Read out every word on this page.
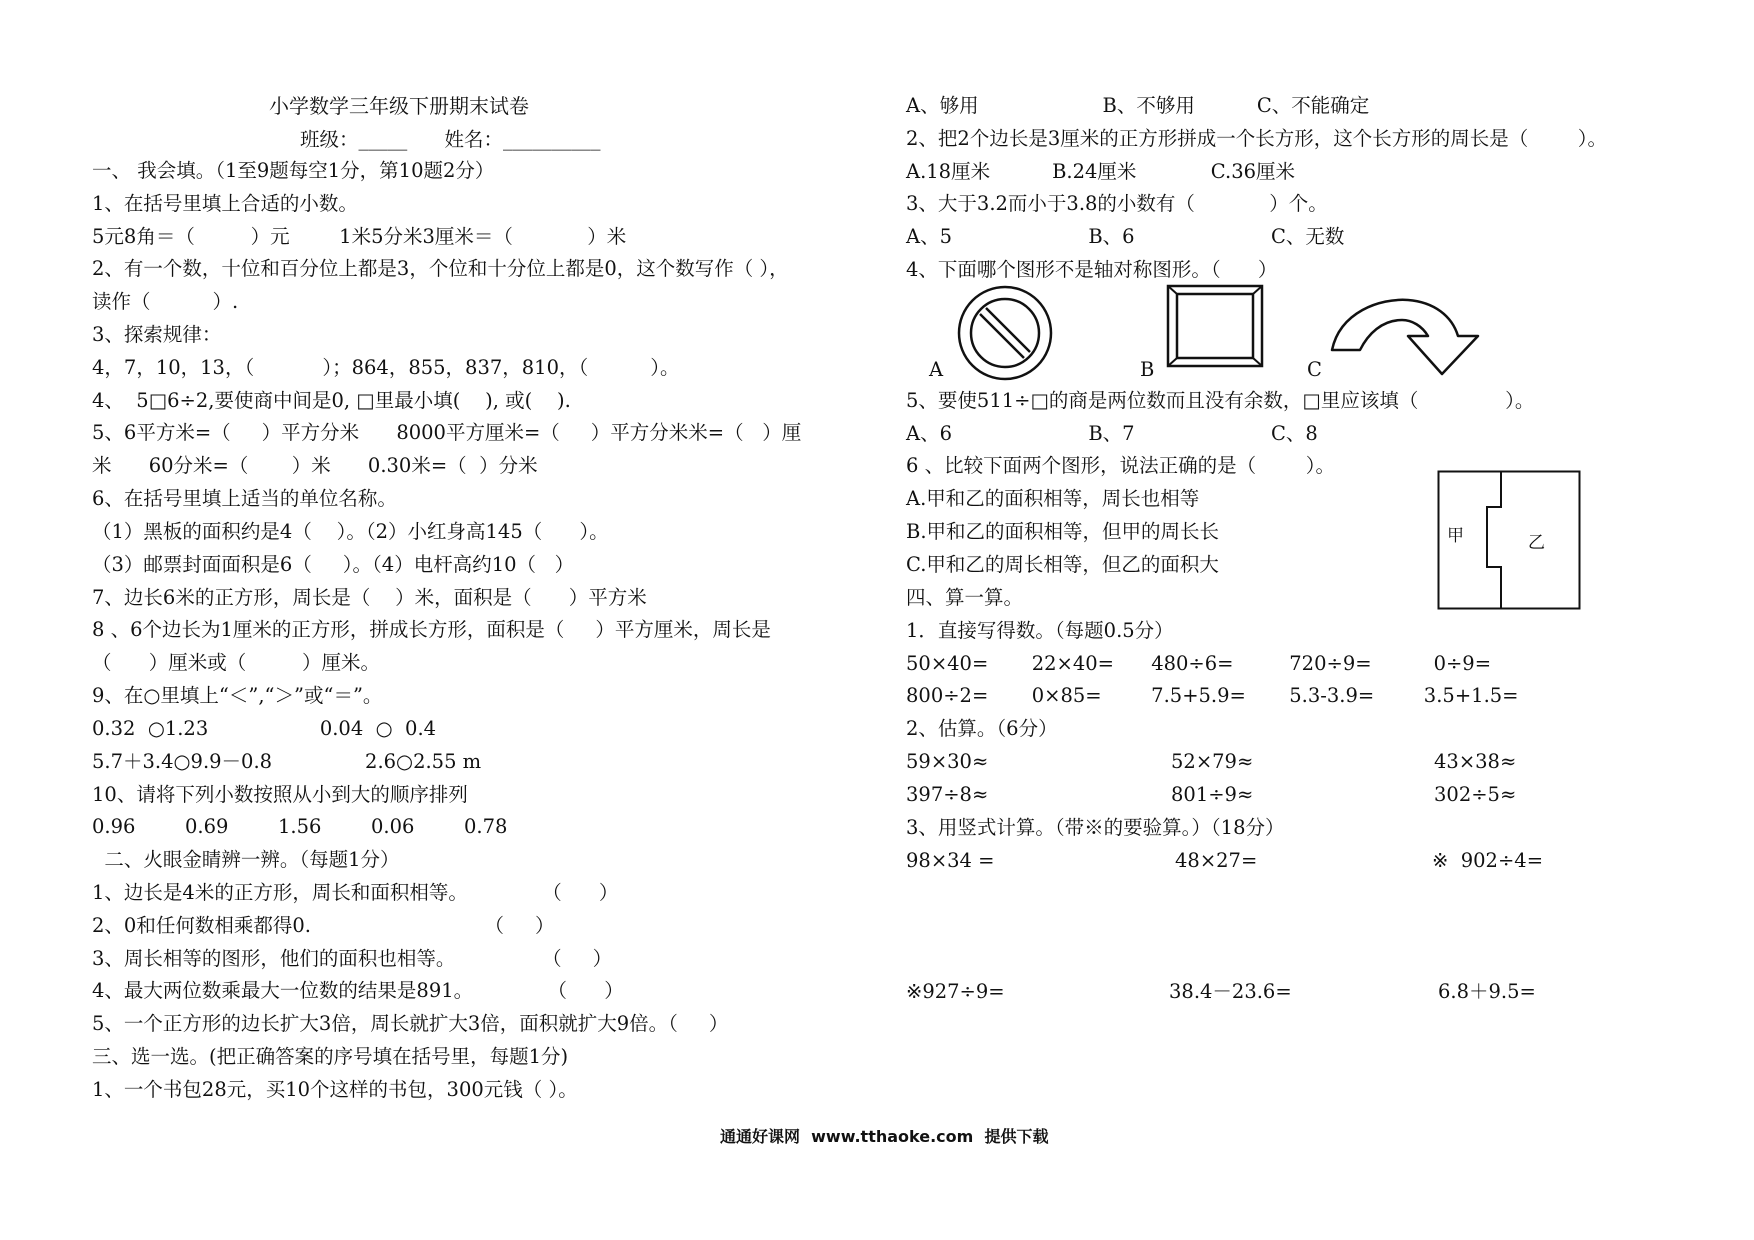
小学数学三年级下册期末试卷
班级：_____      姓名：__________
一、 我会填。（1至9题每空1分，第10题2分）
1、在括号里填上合适的小数。
5元8角＝（         ）元        1米5分米3厘米＝（            ）米
2、有一个数，十位和百分位上都是3，个位和十分位上都是0，这个数写作（ ），
读作（          ）.
3、探索规律：
4，7，10，13，（           ）；864，855，837，810，（          ）。
4、  5□6÷2,要使商中间是0, □里最小填(    ), 或(    ).
5、6平方米=（     ）平方分米      8000平方厘米=（     ）平方分米米=（   ）厘
米      60分米=（       ）米      0.30米=（  ）分米
6、在括号里填上适当的单位名称。
（1）黑板的面积约是4（    ）。（2）小红身高145（      ）。
（3）邮票封面面积是6（     ）。（4）电杆高约10（   ）
7、边长6米的正方形，周长是（    ）米，面积是（      ）平方米
8 、6个边长为1厘米的正方形，拼成长方形，面积是（     ）平方厘米，周长是
（      ）厘米或（         ）厘米。
9、在○里填上“＜”,“＞”或“＝”。
0.32  ○1.23                  0.04  ○  0.4
5.7＋3.4○9.9－0.8               2.6○2.55 m
10、请将下列小数按照从小到大的顺序排列
0.96        0.69        1.56        0.06        0.78
二、火眼金睛辨一辨。（每题1分）
1、边长是4米的正方形，周长和面积相等。            （      ）
2、0和任何数相乘都得0.                            （     ）
3、周长相等的图形，他们的面积也相等。              （     ）
4、最大两位数乘最大一位数的结果是891。            （      ）
5、一个正方形的边长扩大3倍，周长就扩大3倍，面积就扩大9倍。（     ）
三、选一选。(把正确答案的序号填在括号里，每题1分)
1、一个书包28元，买10个这样的书包，300元钱（ ）。
A、够用                    B、不够用          C、不能确定
2、把2个边长是3厘米的正方形拼成一个长方形，这个长方形的周长是（        ）。
A.18厘米          B.24厘米            C.36厘米
3、大于3.2而小于3.8的小数有（            ）个。
A、5                      B、6                      C、无数
4、下面哪个图形不是轴对称图形。（      ）
A	B	C
5、要使511÷□的商是两位数而且没有余数，□里应该填（              ）。
A、6                      B、7                      C、8
6 、比较下面两个图形，说法正确的是（        ）。
A.甲和乙的面积相等，周长也相等
B.甲和乙的面积相等，但甲的周长长
C.甲和乙的周长相等，但乙的面积大
甲	乙
四、算一算。
1．直接写得数。（每题0.5分）
50×40=       22×40=      480÷6=         720÷9=          0÷9=
800÷2=       0×85=        7.5+5.9=       5.3-3.9=        3.5+1.5=
2、估算。（6分）
59×30≈	52×79≈	43×38≈
397÷8≈	801÷9≈	302÷5≈
3、用竖式计算。（带※的要验算。）（18分）
98×34 =	48×27=	※  902÷4=
※927÷9=	38.4－23.6=	6.8＋9.5=
通通好课网  www.tthaoke.com  提供下载
